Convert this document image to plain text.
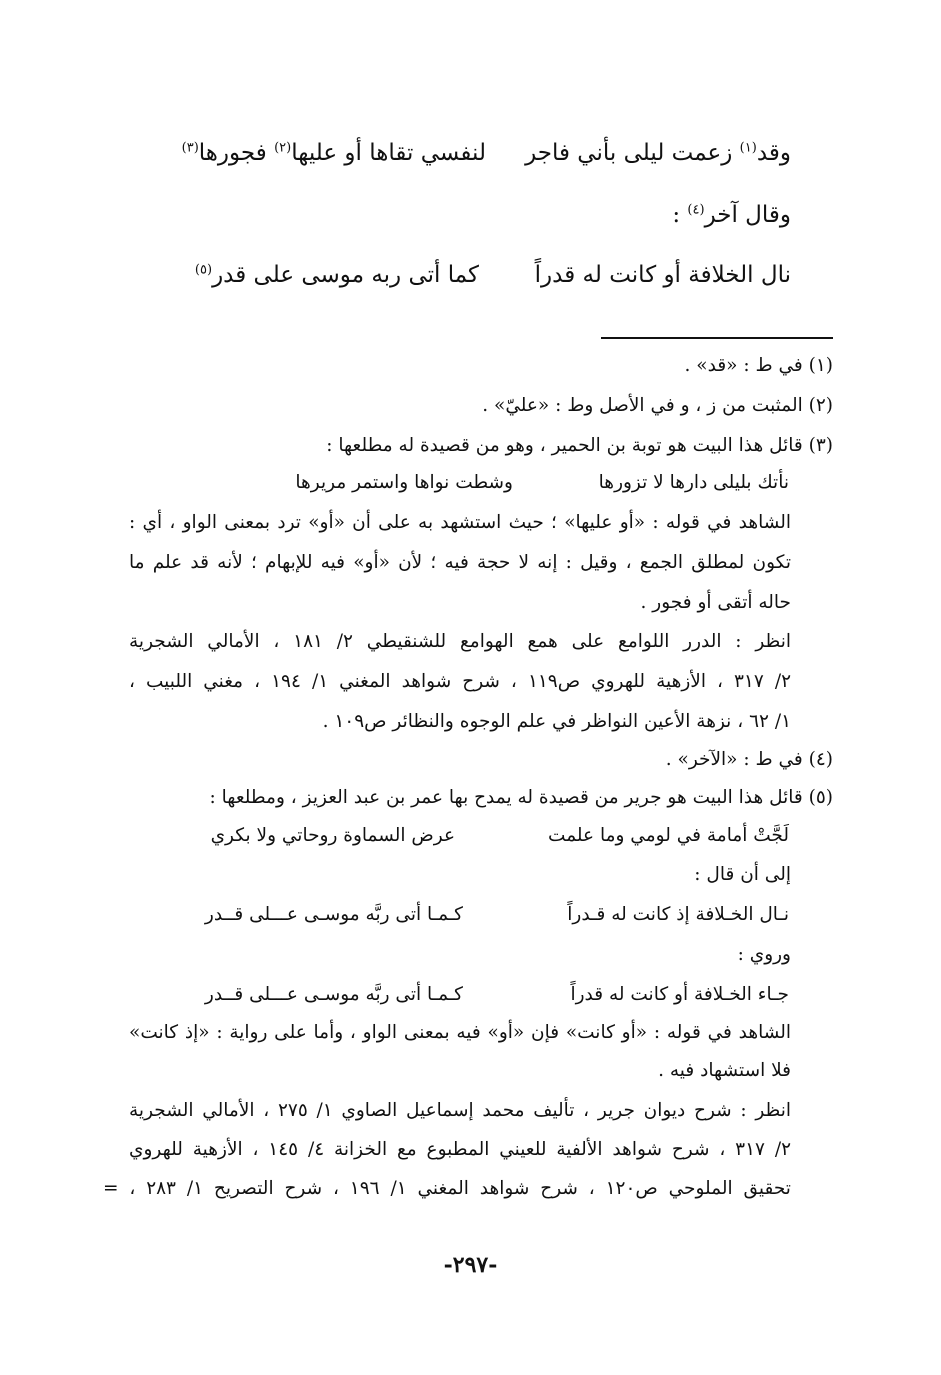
وقد$^{(١)}$ زعمت ليلى بأني فاجر
لنفسي تقاها أو عليها$^{(٢)}$ فجورها$^{(٣)}$
وقال آخر$^{(٤)}$ :
نال الخلافة أو كانت له قدراً
كما أتى ربه موسى على قدر$^{(٥)}$
(١) في ط : «قد» .
(٢) المثبت من ز ، و في الأصل وط : «عليّ» .
(٣) قائل هذا البيت هو توبة بن الحمير ، وهو من قصيدة له مطلعها :
نأتك بليلى دارها لا تزورها
وشطت نواها واستمر مريرها
الشاهد في قوله : «أو عليها» ؛ حيث استشهد به على أن «أو» ترد بمعنى الواو ، أي :
تكون لمطلق الجمع ، وقيل : إنه لا حجة فيه ؛ لأن «أو» فيه للإبهام ؛ لأنه قد علم ما
حاله أتقى أو فجور .
انظر : الدرر اللوامع على همع الهوامع للشنقيطي ٢/ ١٨١ ، الأمالي الشجرية
٢/ ٣١٧ ، الأزهية للهروي ص١١٩ ، شرح شواهد المغني ١/ ١٩٤ ، مغني اللبيب ،
١/ ٦٢ ، نزهة الأعين النواظر في علم الوجوه والنظائر ص١٠٩ .
(٤) في ط : «الآخر» .
(٥) قائل هذا البيت هو جرير من قصيدة له يمدح بها عمر بن عبد العزيز ، ومطلعها :
لَجَّتْ أمامة في لومي وما علمت
عرض السماوة روحاتي ولا بكري
إلى أن قال :
نـال الخـلافة إذ كانت له قـدراً
كـمـا أتى ربَّه موسـى عـــلى قــدر
وروي :
جـاء الخـلافة أو كانت له قدراً
كـمـا أتى ربَّه موسـى عـــلى قــدر
الشاهد في قوله : «أو كانت» فإن «أو» فيه بمعنى الواو ، وأما على رواية : «إذ كانت»
فلا استشهاد فيه .
انظر : شرح ديوان جرير ، تأليف محمد إسماعيل الصاوي ١/ ٢٧٥ ، الأمالي الشجرية
٢/ ٣١٧ ، شرح شواهد الألفية للعيني المطبوع مع الخزانة ٤/ ١٤٥ ، الأزهية للهروي
تحقيق الملوحي ص١٢٠ ، شرح شواهد المغني ١/ ١٩٦ ، شرح التصريح ١/ ٢٨٣ ، =
-٢٩٧-
